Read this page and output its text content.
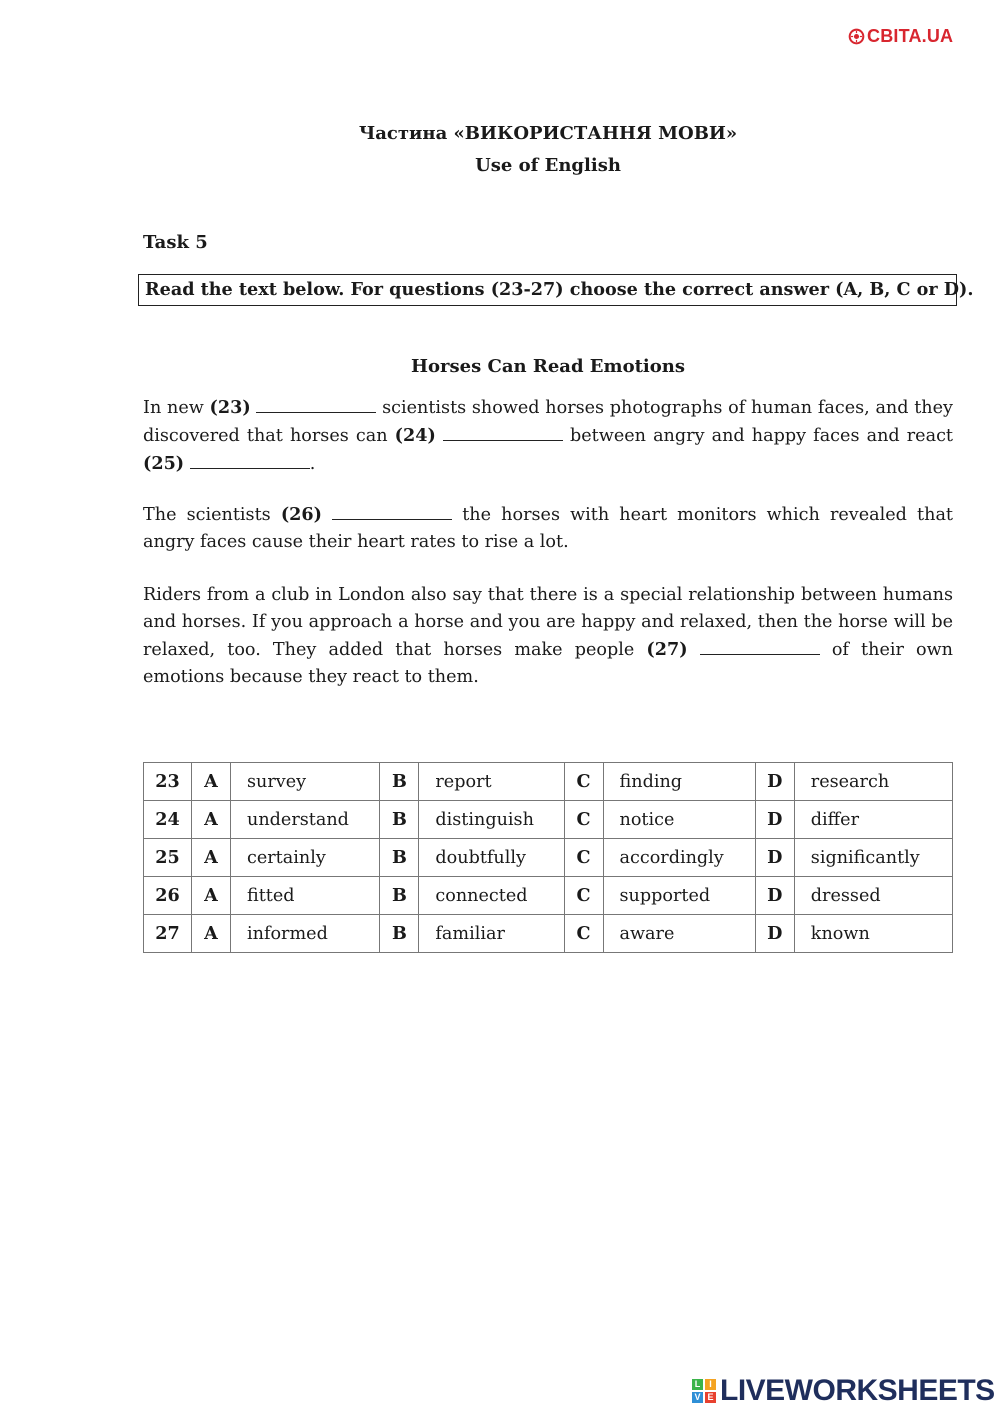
CBITA.UA
Частина «ВИКОРИСТАННЯ МОВИ»
Use of English
Task 5
Read the text below. For questions (23-27) choose the correct answer (A, B, C or D).
Horses Can Read Emotions
In new (23)	scientists showed horses photographs of human faces, and they discovered that horses can (24)	between angry and happy faces and react (25)	.
The scientists (26)	the horses with heart monitors which revealed that angry faces cause their heart rates to rise a lot.
Riders from a club in London also say that there is a special relationship between humans and horses. If you approach a horse and you are happy and relaxed, then the horse will be relaxed, too. They added that horses make people (27)	of their own emotions because they react to them.
23	A	survey	B	report	C	finding	D	research
24	A	understand	B	distinguish	C	notice	D	differ
25	A	certainly	B	doubtfully	C	accordingly	D	significantly
26	A	fitted	B	connected	C	supported	D	dressed
27	A	informed	B	familiar	C	aware	D	known
L I
V E LIVEWORKSHEETS
